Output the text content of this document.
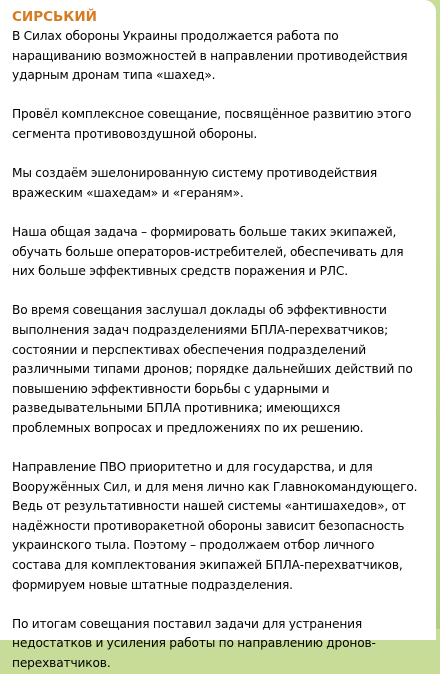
СИРСЬКИЙ

В Силах обороны Украины продолжается работа по
наращиванию возможностей в направлении противодействия
ударным дронам типа «шахед».

Провёл комплексное совещание, посвящённое развитию этого
сегмента противовоздушной обороны.

Мы создаём эшелонированную систему противодействия
вражеским «шахедам» и «гераням».

Наша общая задача – формировать больше таких экипажей,
обучать больше операторов-истребителей, обеспечивать для
них больше эффективных средств поражения и РЛС.

Во время совещания заслушал доклады об эффективности
выполнения задач подразделениями БПЛА-перехватчиков;
состоянии и перспективах обеспечения подразделений
различными типами дронов; порядке дальнейших действий по
повышению эффективности борьбы с ударными и
разведывательными БПЛА противника; имеющихся
проблемных вопросах и предложениях по их решению.

Направление ПВО приоритетно и для государства, и для
Вооружённых Сил, и для меня лично как Главнокомандующего.
Ведь от результативности нашей системы «антишахедов», от
надёжности противоракетной обороны зависит безопасность
украинского тыла. Поэтому – продолжаем отбор личного
состава для комплектования экипажей БПЛА-перехватчиков,
формируем новые штатные подразделения.

По итогам совещания поставил задачи для устранения
недостатков и усиления работы по направлению дронов-
перехватчиков.
